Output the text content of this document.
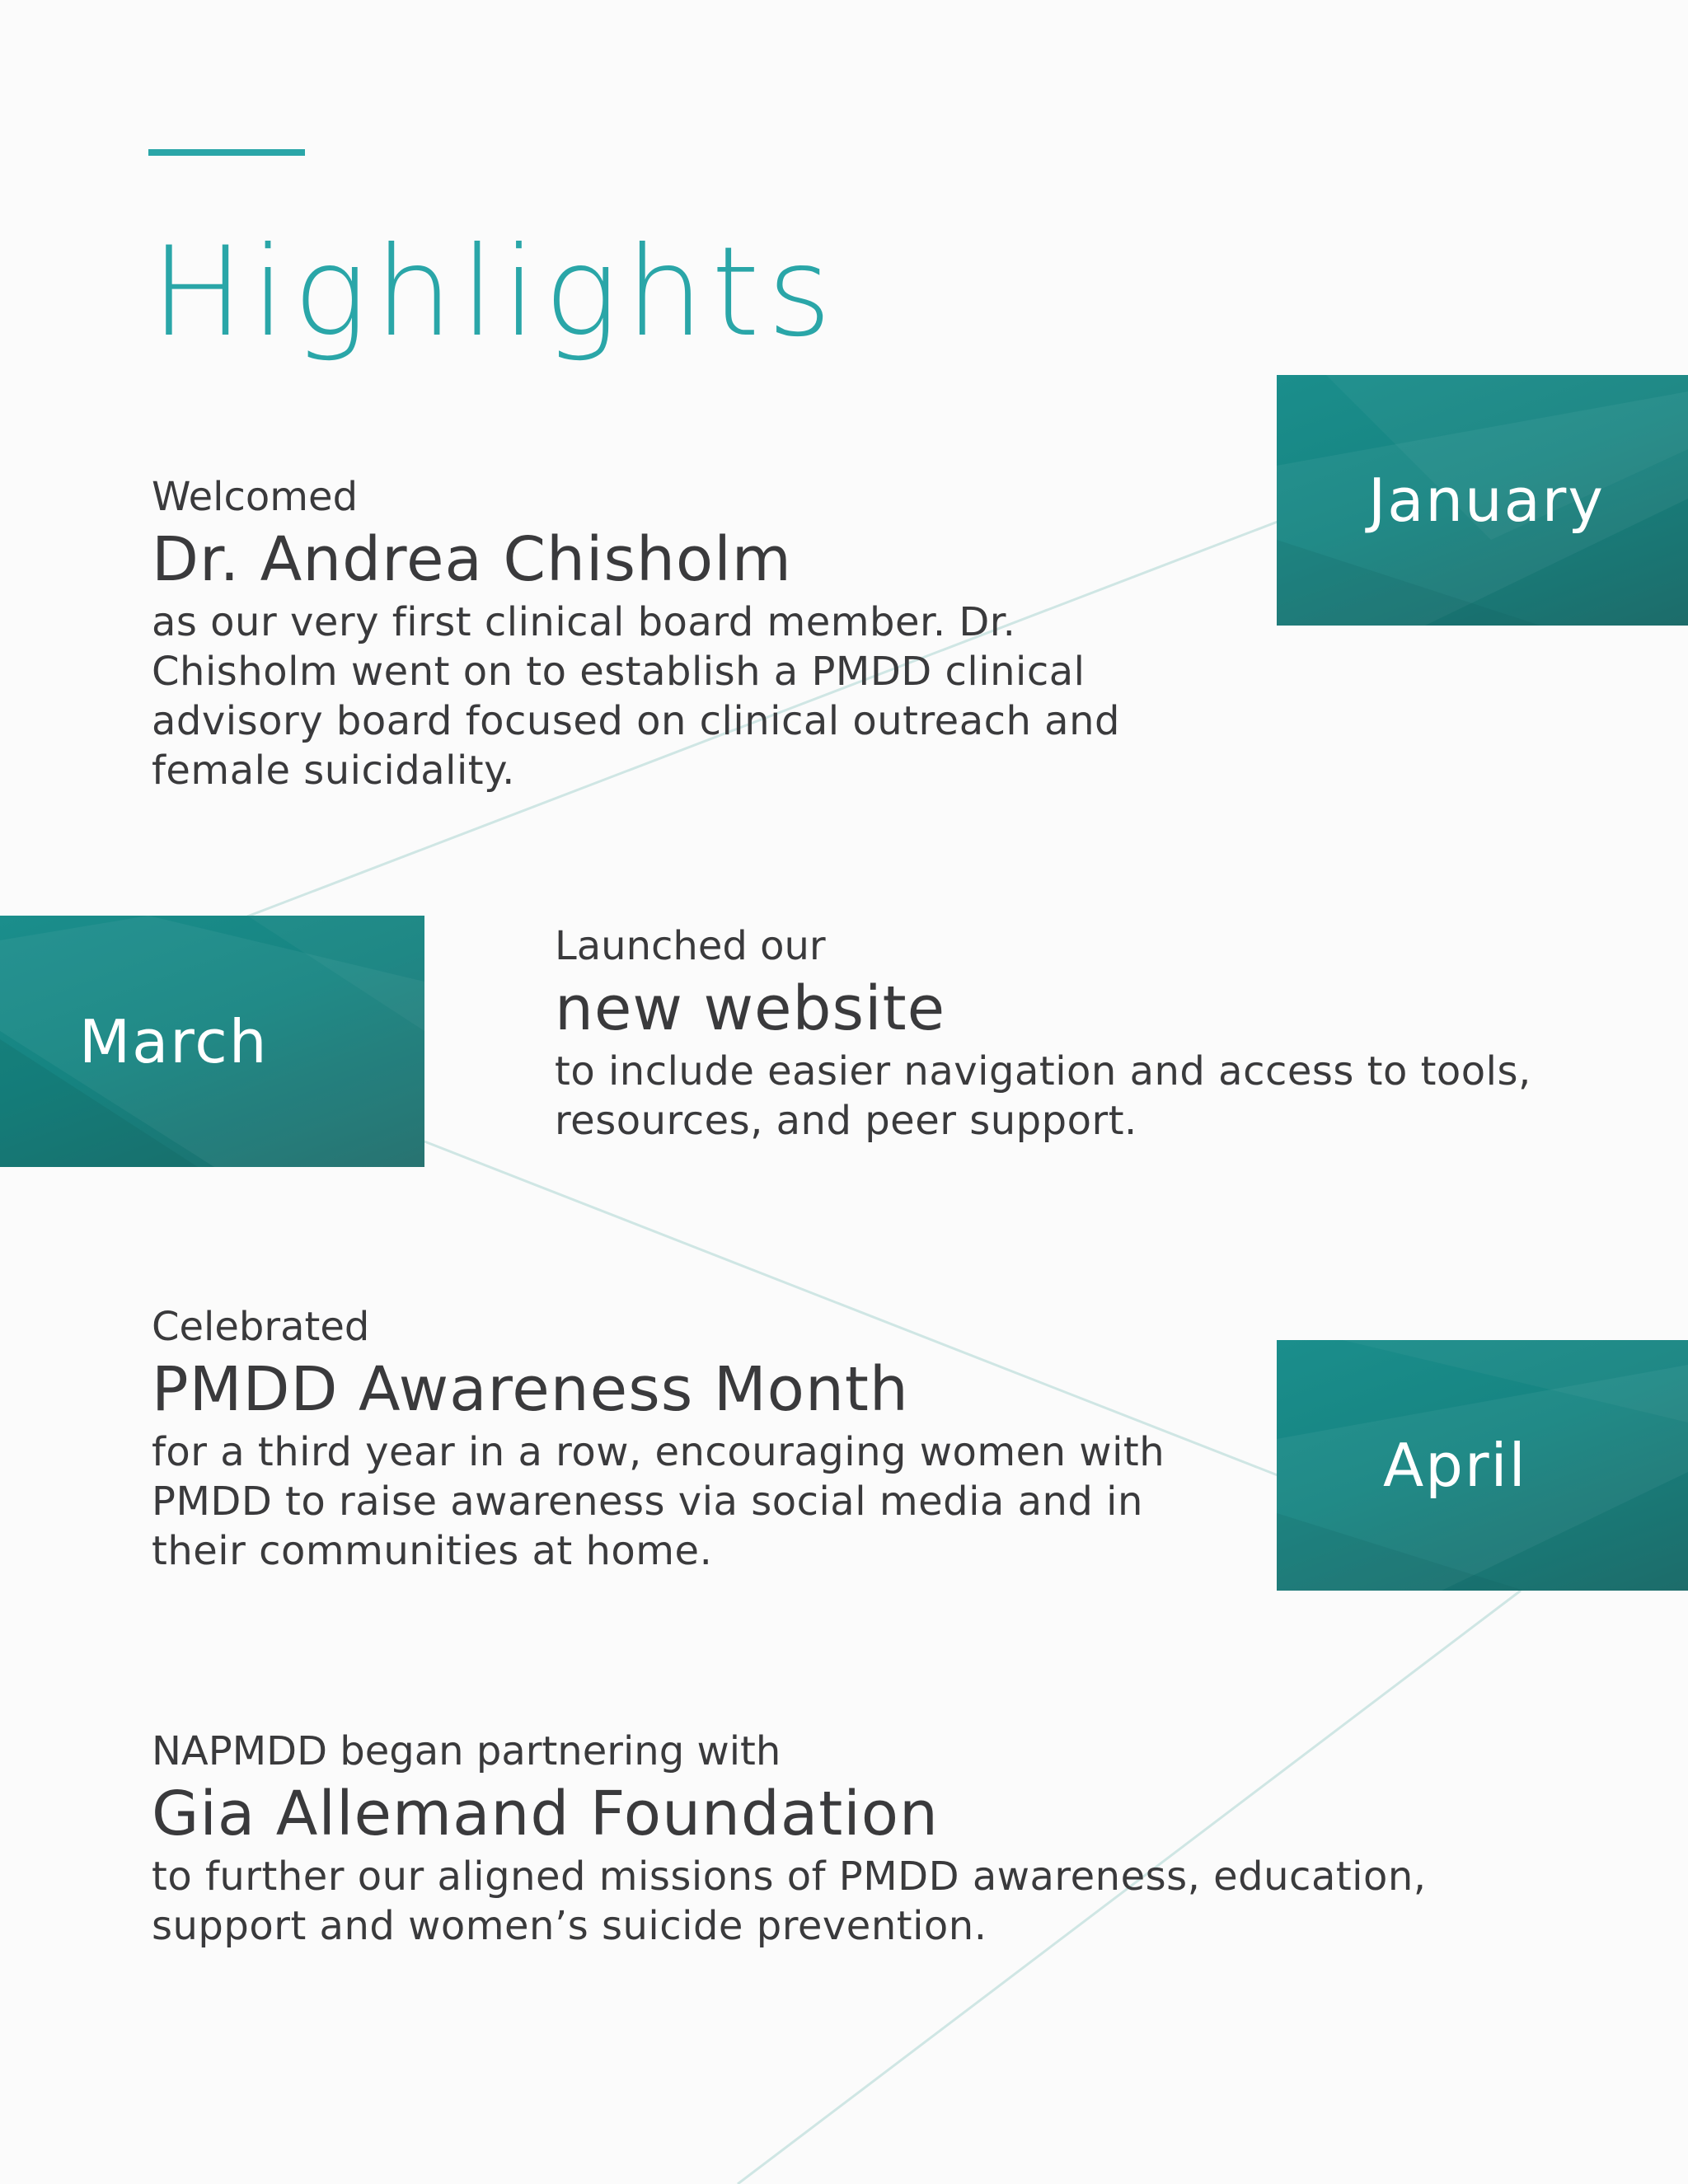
Highlights
January
March
April
Welcomed
Dr. Andrea Chisholm
as our very first clinical board member. Dr.
Chisholm went on to establish a PMDD clinical
advisory board focused on clinical outreach and
female suicidality.
Launched our
new website
to include easier navigation and access to tools,
resources, and peer support.
Celebrated
PMDD Awareness Month
for a third year in a row, encouraging women with
PMDD to raise awareness via social media and in
their communities at home.
NAPMDD began partnering with
Gia Allemand Foundation
to further our aligned missions of PMDD awareness, education,
support and women’s suicide prevention.
